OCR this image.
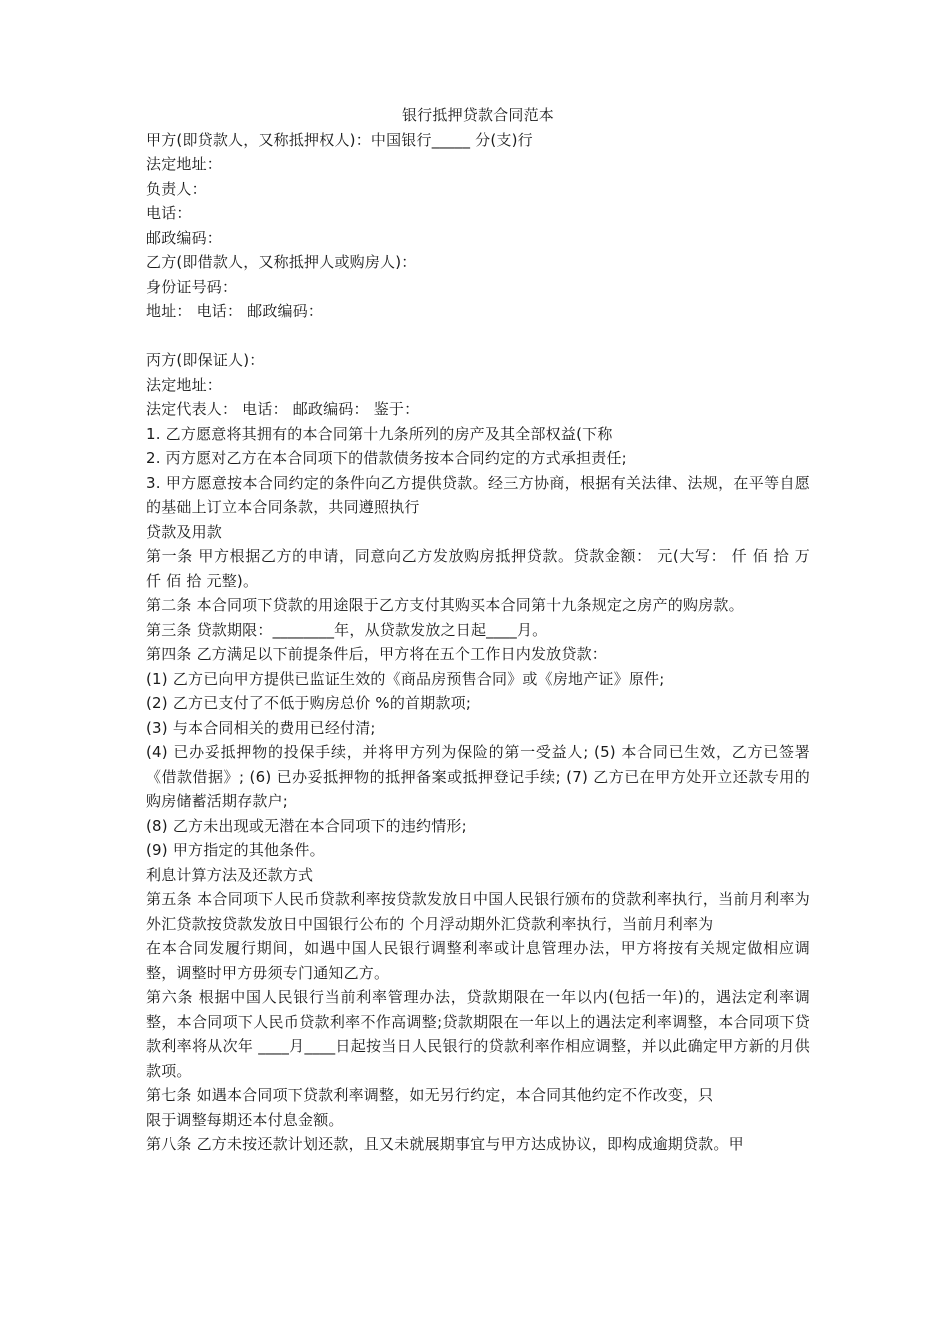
银行抵押贷款合同范本

甲方(即贷款人，又称抵押权人)：中国银行_____ 分(支)行

法定地址：

负责人：

电话：

邮政编码：

乙方(即借款人，又称抵押人或购房人)：

身份证号码：

地址： 电话： 邮政编码：

丙方(即保证人)：

法定地址：

法定代表人： 电话： 邮政编码： 鉴于：

1. 乙方愿意将其拥有的本合同第十九条所列的房产及其全部权益(下称

2. 丙方愿对乙方在本合同项下的借款债务按本合同约定的方式承担责任;

3. 甲方愿意按本合同约定的条件向乙方提供贷款。经三方协商，根据有关法律、法规，在平等自愿的基础上订立本合同条款，共同遵照执行

贷款及用款

第一条 甲方根据乙方的申请，同意向乙方发放购房抵押贷款。贷款金额： 元(大写： 仟 佰 拾 万 仟 佰 拾 元整)。

第二条 本合同项下贷款的用途限于乙方支付其购买本合同第十九条规定之房产的购房款。

第三条 贷款期限：________年，从贷款发放之日起____月。

第四条 乙方满足以下前提条件后，甲方将在五个工作日内发放贷款：

(1) 乙方已向甲方提供已监证生效的《商品房预售合同》或《房地产证》原件;

(2) 乙方已支付了不低于购房总价 %的首期款项;

(3) 与本合同相关的费用已经付清;

(4) 已办妥抵押物的投保手续，并将甲方列为保险的第一受益人; (5) 本合同已生效，乙方已签署《借款借据》; (6) 已办妥抵押物的抵押备案或抵押登记手续; (7) 乙方已在甲方处开立还款专用的购房储蓄活期存款户;

(8) 乙方未出现或无潜在本合同项下的违约情形;

(9) 甲方指定的其他条件。

利息计算方法及还款方式

第五条 本合同项下人民币贷款利率按贷款发放日中国人民银行颁布的贷款利率执行，当前月利率为 外汇贷款按贷款发放日中国银行公布的 个月浮动期外汇贷款利率执行，当前月利率为

在本合同发履行期间，如遇中国人民银行调整利率或计息管理办法，甲方将按有关规定做相应调整，调整时甲方毋须专门通知乙方。

第六条 根据中国人民银行当前利率管理办法，贷款期限在一年以内(包括一年)的，遇法定利率调整，本合同项下人民币贷款利率不作高调整;贷款期限在一年以上的遇法定利率调整，本合同项下贷款利率将从次年 ____月____日起按当日人民银行的贷款利率作相应调整，并以此确定甲方新的月供款项。

第七条 如遇本合同项下贷款利率调整，如无另行约定，本合同其他约定不作改变，只

限于调整每期还本付息金额。

第八条 乙方未按还款计划还款，且又未就展期事宜与甲方达成协议，即构成逾期贷款。甲
